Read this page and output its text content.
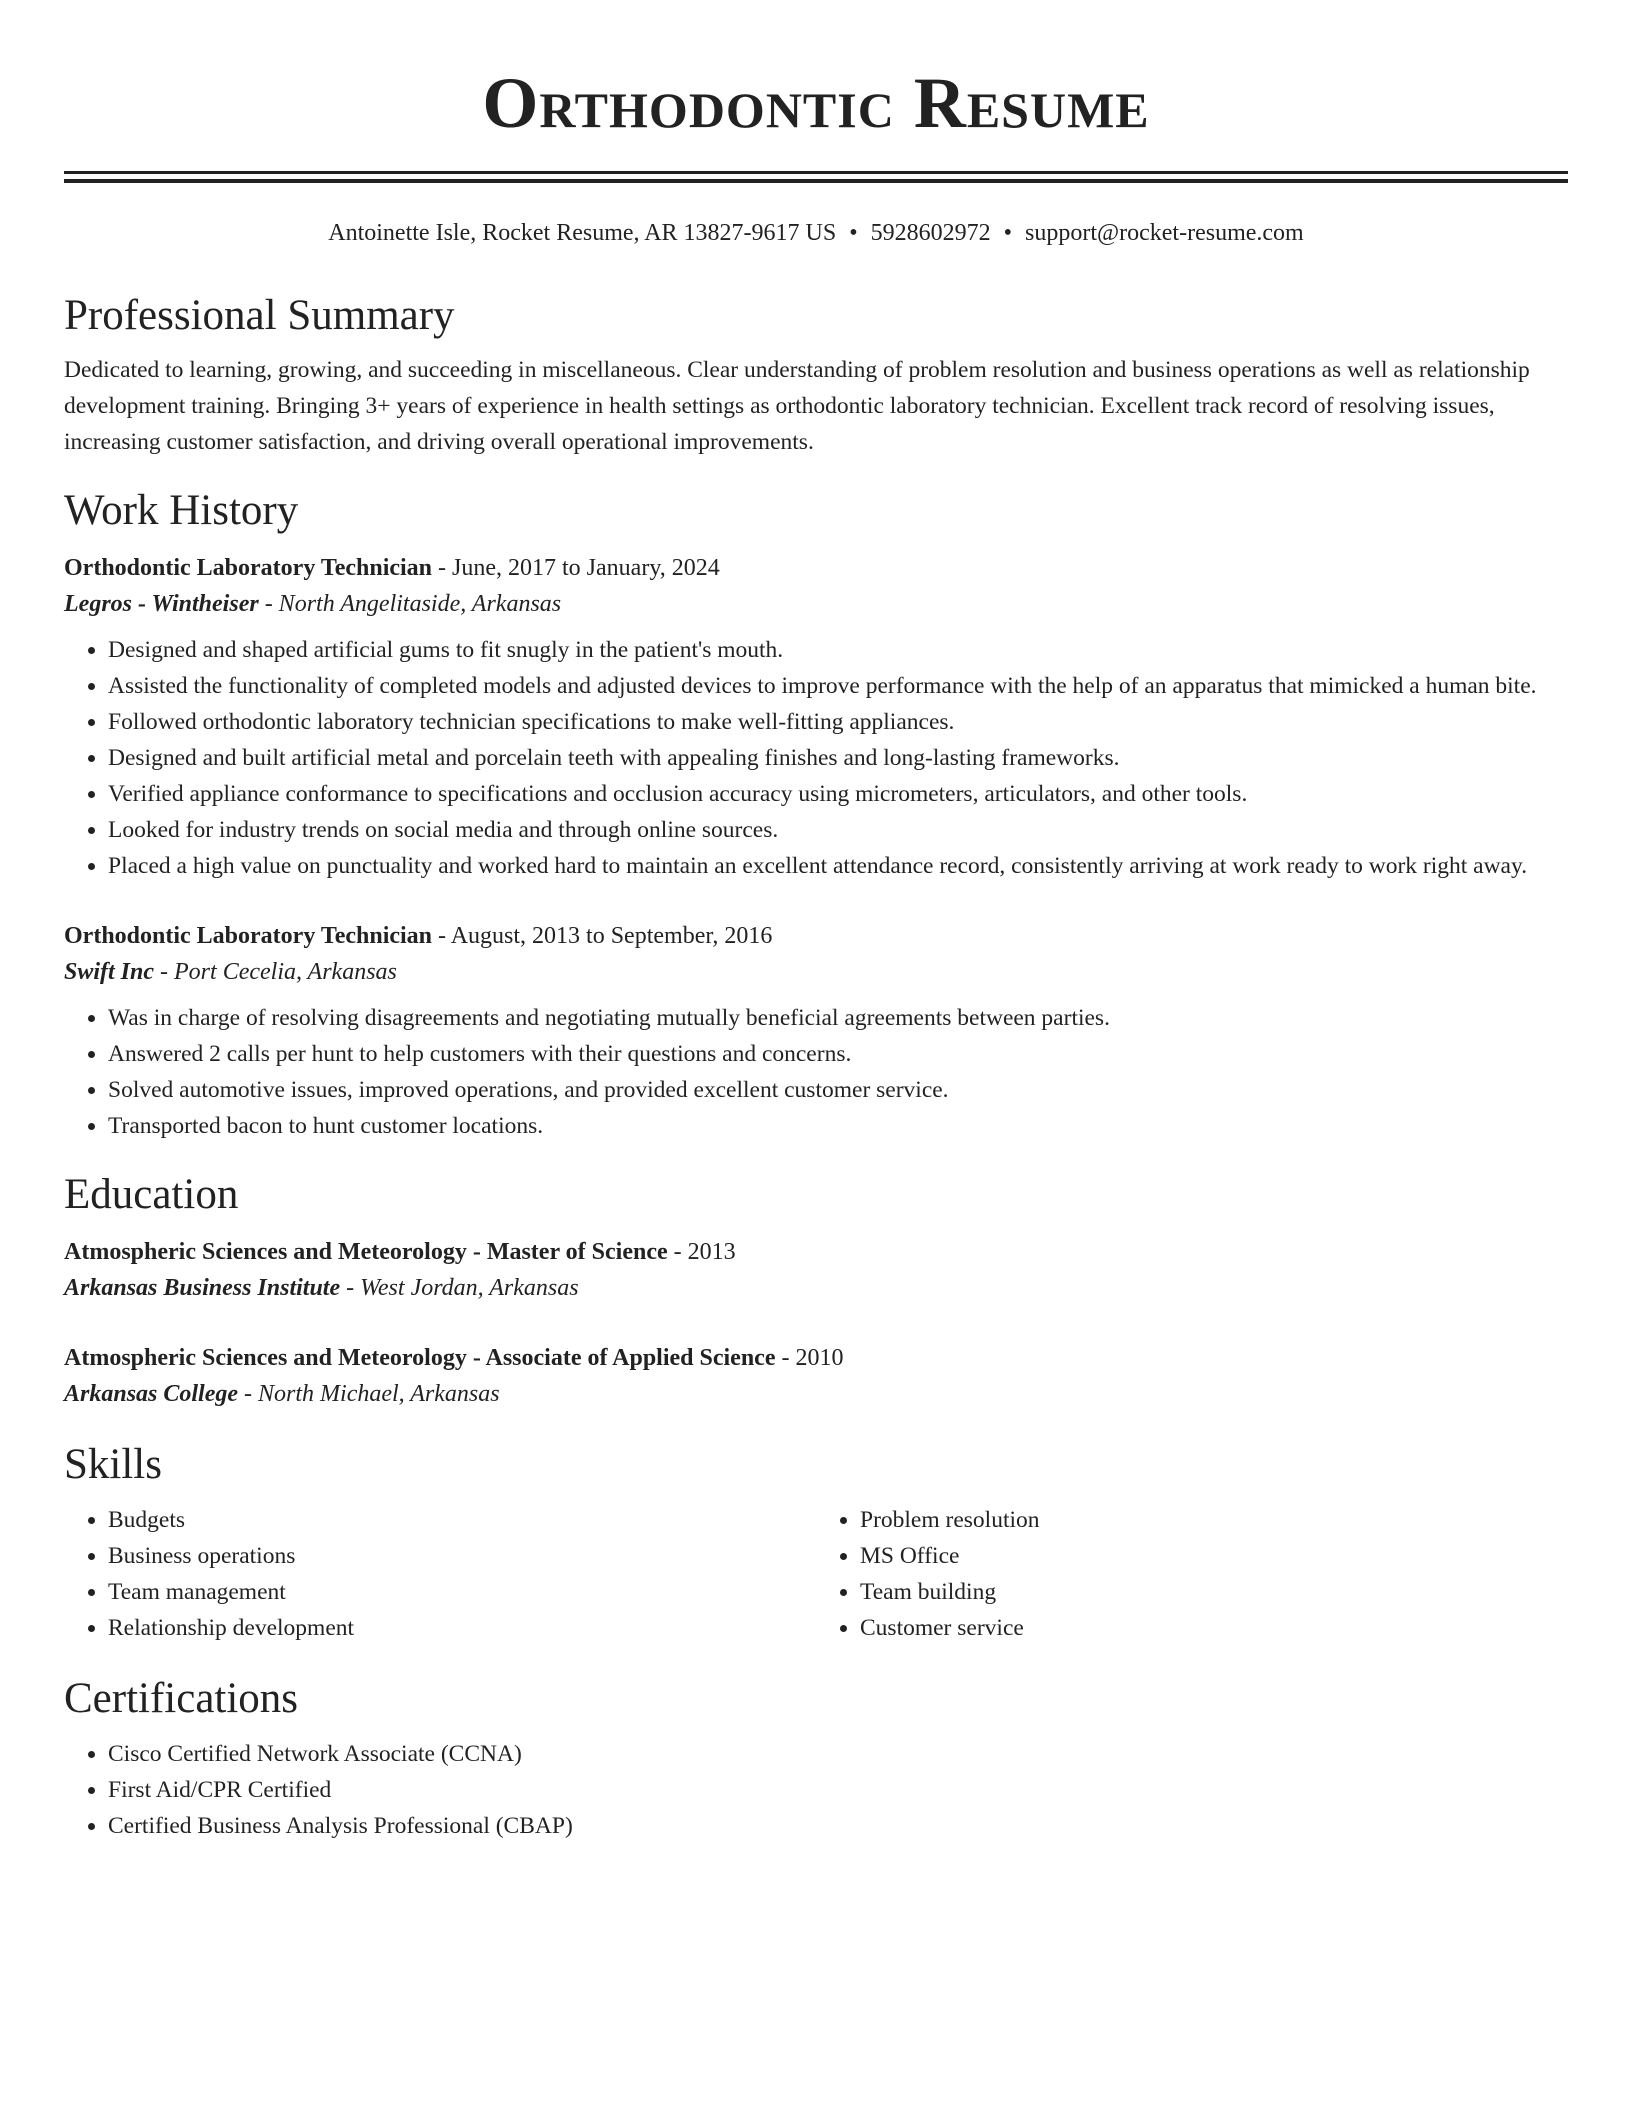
Orthodontic Resume
Antoinette Isle, Rocket Resume, AR 13827-9617 US • 5928602972 • support@rocket-resume.com
Professional Summary

Dedicated to learning, growing, and succeeding in miscellaneous. Clear understanding of problem resolution and business operations as well as relationship development training. Bringing 3+ years of experience in health settings as orthodontic laboratory technician. Excellent track record of resolving issues, increasing customer satisfaction, and driving overall operational improvements.

Work History
Orthodontic Laboratory Technician - June, 2017 to January, 2024
Legros - Wintheiser - North Angelitaside, Arkansas
• Designed and shaped artificial gums to fit snugly in the patient's mouth.
• Assisted the functionality of completed models and adjusted devices to improve performance with the help of an apparatus that mimicked a human bite.
• Followed orthodontic laboratory technician specifications to make well-fitting appliances.
• Designed and built artificial metal and porcelain teeth with appealing finishes and long-lasting frameworks.
• Verified appliance conformance to specifications and occlusion accuracy using micrometers, articulators, and other tools.
• Looked for industry trends on social media and through online sources.
• Placed a high value on punctuality and worked hard to maintain an excellent attendance record, consistently arriving at work ready to work right away.
Orthodontic Laboratory Technician - August, 2013 to September, 2016
Swift Inc - Port Cecelia, Arkansas
• Was in charge of resolving disagreements and negotiating mutually beneficial agreements between parties.
• Answered 2 calls per hunt to help customers with their questions and concerns.
• Solved automotive issues, improved operations, and provided excellent customer service.
• Transported bacon to hunt customer locations.
Education
Atmospheric Sciences and Meteorology - Master of Science - 2013
Arkansas Business Institute - West Jordan, Arkansas
Atmospheric Sciences and Meteorology - Associate of Applied Science - 2010
Arkansas College - North Michael, Arkansas
Skills
• Budgets
• Business operations
• Team management
• Relationship development
• Problem resolution
• MS Office
• Team building
• Customer service
Certifications
• Cisco Certified Network Associate (CCNA)
• First Aid/CPR Certified
• Certified Business Analysis Professional (CBAP)
